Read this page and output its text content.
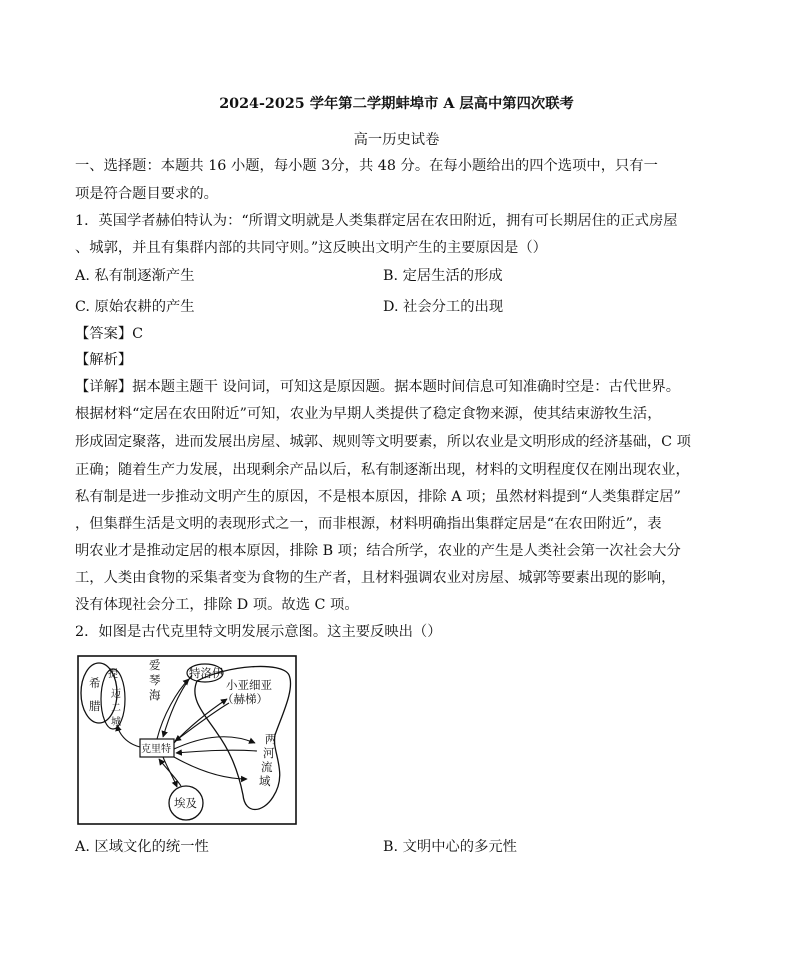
2024-2025 学年第二学期蚌埠市 A 层高中第四次联考
高一历史试卷
一、选择题：本题共 16 小题，每小题 3分，共 48 分。在每小题给出的四个选项中，只有一
项是符合题目要求的。
1．英国学者赫伯特认为：“所谓文明就是人类集群定居在农田附近，拥有可长期居住的正式房屋
、城郭，并且有集群内部的共同守则。”这反映出文明产生的主要原因是（）
A. 私有制逐渐产生	B. 定居生活的形成
C. 原始农耕的产生	D. 社会分工的出现
【答案】C
【解析】
【详解】据本题主题干 设问词，可知这是原因题。据本题时间信息可知准确时空是：古代世界。
根据材料“定居在农田附近”可知，农业为早期人类提供了稳定食物来源，使其结束游牧生活，
形成固定聚落，进而发展出房屋、城郭、规则等文明要素，所以农业是文明形成的经济基础，C 项
正确；随着生产力发展，出现剩余产品以后，私有制逐渐出现，材料的文明程度仅在刚出现农业，
私有制是进一步推动文明产生的原因，不是根本原因，排除 A 项；虽然材料提到“人类集群定居”
，但集群生活是文明的表现形式之一，而非根源，材料明确指出集群定居是“在农田附近”，表
明农业才是推动定居的根本原因，排除 B 项；结合所学，农业的产生是人类社会第一次社会大分
工，人类由食物的采集者变为食物的生产者，且材料强调农业对房屋、城郭等要素出现的影响，
没有体现社会分工，排除 D 项。故选 C 项。
2．如图是古代克里特文明发展示意图。这主要反映出（）
希
腊
提
迈
二
城
爱
琴
海
特洛伊
小亚细亚
（赫梯）
克里特
埃及
两
河
流
域
A. 区域文化的统一性	B. 文明中心的多元性
